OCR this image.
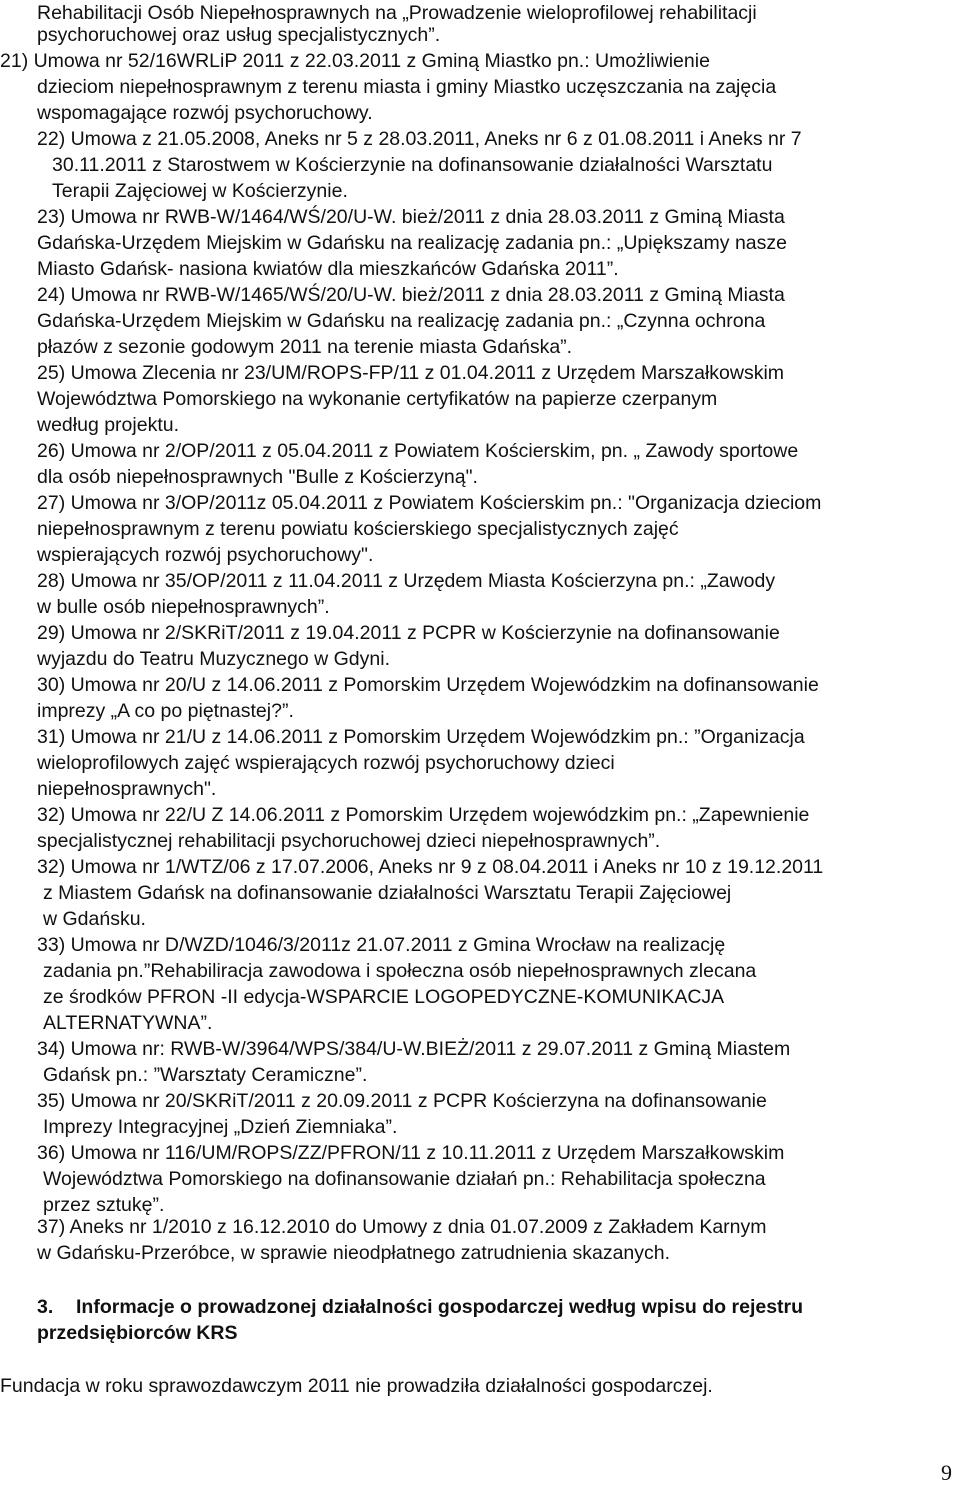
Rehabilitacji Osób Niepełnosprawnych na „Prowadzenie wieloprofilowej rehabilitacji
psychoruchowej oraz usług specjalistycznych”.
21) Umowa nr 52/16WRLiP 2011 z 22.03.2011 z Gminą Miastko pn.: Umożliwienie
dzieciom niepełnosprawnym z terenu miasta i gminy Miastko uczęszczania na zajęcia
wspomagające rozwój psychoruchowy.
22) Umowa z 21.05.2008, Aneks nr 5 z 28.03.2011, Aneks nr 6 z 01.08.2011 i Aneks nr 7
30.11.2011 z Starostwem w Kościerzynie na dofinansowanie działalności Warsztatu
Terapii Zajęciowej w Kościerzynie.
23) Umowa nr RWB-W/1464/WŚ/20/U-W. bież/2011 z dnia 28.03.2011 z Gminą Miasta
Gdańska-Urzędem Miejskim w Gdańsku na realizację zadania pn.: „Upiększamy nasze
Miasto Gdańsk- nasiona kwiatów dla mieszkańców Gdańska 2011”.
24) Umowa nr RWB-W/1465/WŚ/20/U-W. bież/2011 z dnia 28.03.2011 z Gminą Miasta
Gdańska-Urzędem Miejskim w Gdańsku na realizację zadania pn.: „Czynna ochrona
płazów z sezonie godowym 2011 na terenie miasta Gdańska”.
25) Umowa Zlecenia nr 23/UM/ROPS-FP/11 z 01.04.2011 z Urzędem Marszałkowskim
Województwa Pomorskiego na wykonanie certyfikatów na papierze czerpanym
według projektu.
26) Umowa nr 2/OP/2011 z 05.04.2011 z Powiatem Kościerskim, pn. „ Zawody sportowe
dla osób niepełnosprawnych "Bulle z Kościerzyną".
27) Umowa nr 3/OP/2011z 05.04.2011 z Powiatem Kościerskim pn.: "Organizacja dzieciom
niepełnosprawnym z terenu powiatu kościerskiego specjalistycznych zajęć
wspierających rozwój psychoruchowy".
28) Umowa nr 35/OP/2011 z 11.04.2011 z Urzędem Miasta Kościerzyna pn.: „Zawody
w bulle osób niepełnosprawnych”.
29) Umowa nr 2/SKRiT/2011 z 19.04.2011 z PCPR w Kościerzynie na dofinansowanie
wyjazdu do Teatru Muzycznego w Gdyni.
30) Umowa nr 20/U z 14.06.2011 z Pomorskim Urzędem Wojewódzkim na dofinansowanie
imprezy „A co po piętnastej?”.
31) Umowa nr 21/U z 14.06.2011 z Pomorskim Urzędem Wojewódzkim pn.: ”Organizacja
wieloprofilowych zajęć wspierających rozwój psychoruchowy dzieci
niepełnosprawnych".
32) Umowa nr 22/U Z 14.06.2011 z Pomorskim Urzędem wojewódzkim pn.: „Zapewnienie
specjalistycznej rehabilitacji psychoruchowej dzieci niepełnosprawnych”.
32) Umowa nr 1/WTZ/06 z 17.07.2006, Aneks nr 9 z 08.04.2011 i Aneks nr 10 z 19.12.2011
z Miastem Gdańsk na dofinansowanie działalności Warsztatu Terapii Zajęciowej
w Gdańsku.
33) Umowa nr D/WZD/1046/3/2011z 21.07.2011 z Gmina Wrocław na realizację
zadania pn.”Rehabiliracja zawodowa i społeczna osób niepełnosprawnych zlecana
ze środków PFRON -II edycja-WSPARCIE LOGOPEDYCZNE-KOMUNIKACJA
ALTERNATYWNA”.
34) Umowa nr: RWB-W/3964/WPS/384/U-W.BIEŻ/2011 z 29.07.2011 z Gminą Miastem
Gdańsk pn.: ”Warsztaty Ceramiczne”.
35) Umowa nr 20/SKRiT/2011 z 20.09.2011 z PCPR Kościerzyna na dofinansowanie
Imprezy Integracyjnej „Dzień Ziemniaka”.
36) Umowa nr 116/UM/ROPS/ZZ/PFRON/11 z 10.11.2011 z Urzędem Marszałkowskim
Województwa Pomorskiego na dofinansowanie działań pn.: Rehabilitacja społeczna
przez sztukę”.
37) Aneks nr 1/2010 z 16.12.2010 do Umowy z dnia 01.07.2009 z Zakładem Karnym
w Gdańsku-Przeróbce, w sprawie nieodpłatnego zatrudnienia skazanych.
3. Informacje o prowadzonej działalności gospodarczej według wpisu do rejestru
przedsiębiorców KRS
Fundacja w roku sprawozdawczym 2011 nie prowadziła działalności gospodarczej.
9
